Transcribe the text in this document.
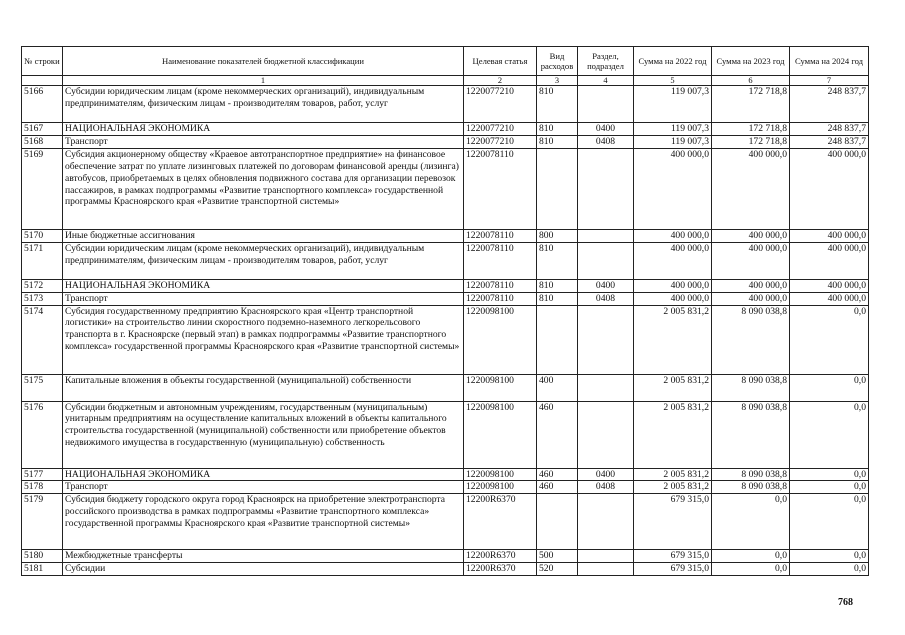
№ строки	Наименование показателей бюджетной классификации	Целевая статья	Вид расходов	Раздел, подраздел	Сумма на 2022 год	Сумма на 2023 год	Сумма на 2024 год
	1	2	3	4	5	6	7
5166	Субсидии юридическим лицам (кроме некоммерческих организаций), индивидуальным предпринимателям, физическим лицам - производителям товаров, работ, услуг	1220077210	810		119 007,3	172 718,8	248 837,7
5167	НАЦИОНАЛЬНАЯ ЭКОНОМИКА	1220077210	810	0400	119 007,3	172 718,8	248 837,7
5168	Транспорт	1220077210	810	0408	119 007,3	172 718,8	248 837,7
5169	Субсидия акционерному обществу «Краевое автотранспортное предприятие» на финансовое обеспечение затрат по уплате лизинговых платежей по договорам финансовой аренды (лизинга) автобусов, приобретаемых в целях обновления подвижного состава для организации перевозок пассажиров, в рамках подпрограммы «Развитие транспортного комплекса» государственной программы Красноярского края «Развитие транспортной системы»	1220078110			400 000,0	400 000,0	400 000,0
5170	Иные бюджетные ассигнования	1220078110	800		400 000,0	400 000,0	400 000,0
5171	Субсидии юридическим лицам (кроме некоммерческих организаций), индивидуальным предпринимателям, физическим лицам - производителям товаров, работ, услуг	1220078110	810		400 000,0	400 000,0	400 000,0
5172	НАЦИОНАЛЬНАЯ ЭКОНОМИКА	1220078110	810	0400	400 000,0	400 000,0	400 000,0
5173	Транспорт	1220078110	810	0408	400 000,0	400 000,0	400 000,0
5174	Субсидия государственному предприятию Красноярского края «Центр транспортной логистики» на строительство линии скоростного подземно-наземного легкорельсового транспорта в г. Красноярске (первый этап) в рамках подпрограммы «Развитие транспортного комплекса» государственной программы Красноярского края «Развитие транспортной системы»	1220098100			2 005 831,2	8 090 038,8	0,0
5175	Капитальные вложения в объекты государственной (муниципальной) собственности	1220098100	400		2 005 831,2	8 090 038,8	0,0
5176	Субсидии бюджетным и автономным учреждениям, государственным (муниципальным) унитарным предприятиям на осуществление капитальных вложений в объекты капитального строительства государственной (муниципальной) собственности или приобретение объектов недвижимого имущества в государственную (муниципальную) собственность	1220098100	460		2 005 831,2	8 090 038,8	0,0
5177	НАЦИОНАЛЬНАЯ ЭКОНОМИКА	1220098100	460	0400	2 005 831,2	8 090 038,8	0,0
5178	Транспорт	1220098100	460	0408	2 005 831,2	8 090 038,8	0,0
5179	Субсидия бюджету городского округа город Красноярск на приобретение электротранспорта российского производства в рамках подпрограммы «Развитие транспортного комплекса» государственной программы Красноярского края «Развитие транспортной системы»	12200R6370			679 315,0	0,0	0,0
5180	Межбюджетные трансферты	12200R6370	500		679 315,0	0,0	0,0
5181	Субсидии	12200R6370	520		679 315,0	0,0	0,0
768
